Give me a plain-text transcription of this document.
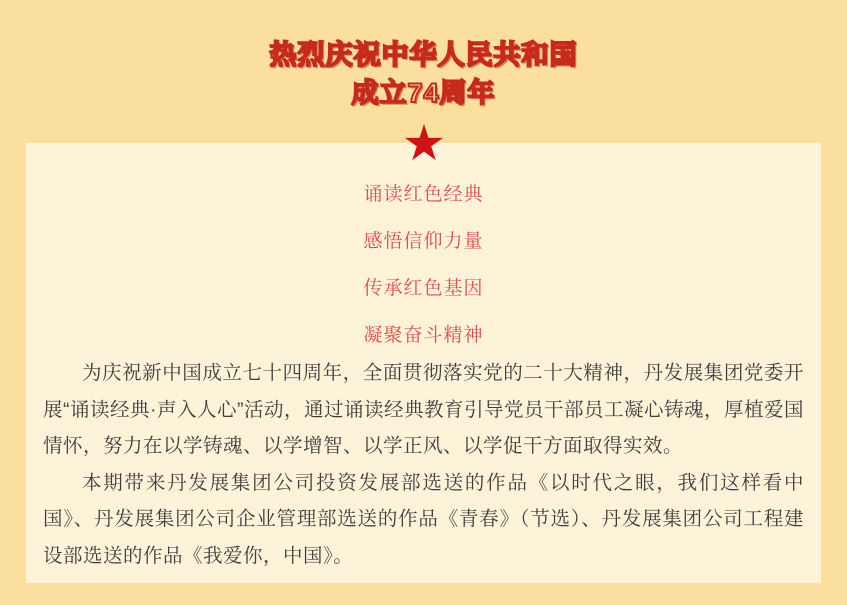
热烈庆祝中华人民共和国
成立74周年

诵读红色经典

感悟信仰力量

传承红色基因

凝聚奋斗精神

为庆祝新中国成立七十四周年，全面贯彻落实党的二十大精神，丹发展集团党委开展“诵读经典·声入人心”活动，通过诵读经典教育引导党员干部员工凝心铸魂，厚植爱国情怀，努力在以学铸魂、以学增智、以学正风、以学促干方面取得实效。

本期带来丹发展集团公司投资发展部选送的作品《以时代之眼，我们这样看中国》、丹发展集团公司企业管理部选送的作品《青春》（节选）、丹发展集团公司工程建设部选送的作品《我爱你，中国》。
